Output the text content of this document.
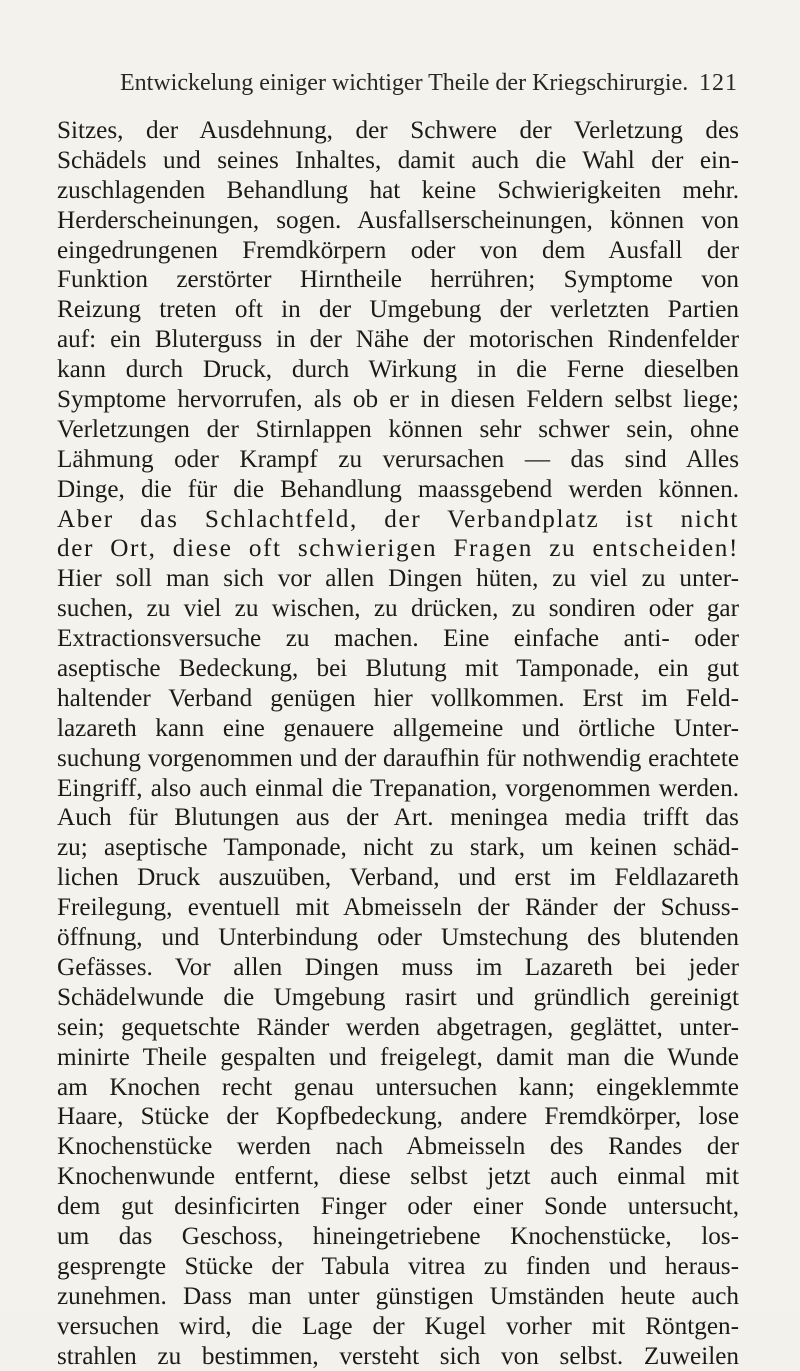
Entwickelung einiger wichtiger Theile der Kriegschirurgie. 121
Sitzes, der Ausdehnung, der Schwere der Verletzung des
Schädels und seines Inhaltes, damit auch die Wahl der ein-
zuschlagenden Behandlung hat keine Schwierigkeiten mehr.
Herderscheinungen, sogen. Ausfallserscheinungen, können von
eingedrungenen Fremdkörpern oder von dem Ausfall der
Funktion zerstörter Hirntheile herrühren; Symptome von
Reizung treten oft in der Umgebung der verletzten Partien
auf: ein Bluterguss in der Nähe der motorischen Rindenfelder
kann durch Druck, durch Wirkung in die Ferne dieselben
Symptome hervorrufen, als ob er in diesen Feldern selbst liege;
Verletzungen der Stirnlappen können sehr schwer sein, ohne
Lähmung oder Krampf zu verursachen — das sind Alles
Dinge, die für die Behandlung maassgebend werden können.
Aber das Schlachtfeld, der Verbandplatz ist nicht
der Ort, diese oft schwierigen Fragen zu entscheiden!
Hier soll man sich vor allen Dingen hüten, zu viel zu unter-
suchen, zu viel zu wischen, zu drücken, zu sondiren oder gar
Extractionsversuche zu machen. Eine einfache anti- oder
aseptische Bedeckung, bei Blutung mit Tamponade, ein gut
haltender Verband genügen hier vollkommen. Erst im Feld-
lazareth kann eine genauere allgemeine und örtliche Unter-
suchung vorgenommen und der daraufhin für nothwendig erachtete
Eingriff, also auch einmal die Trepanation, vorgenommen werden.
Auch für Blutungen aus der Art. meningea media trifft das
zu; aseptische Tamponade, nicht zu stark, um keinen schäd-
lichen Druck auszuüben, Verband, und erst im Feldlazareth
Freilegung, eventuell mit Abmeisseln der Ränder der Schuss-
öffnung, und Unterbindung oder Umstechung des blutenden
Gefässes. Vor allen Dingen muss im Lazareth bei jeder
Schädelwunde die Umgebung rasirt und gründlich gereinigt
sein; gequetschte Ränder werden abgetragen, geglättet, unter-
minirte Theile gespalten und freigelegt, damit man die Wunde
am Knochen recht genau untersuchen kann; eingeklemmte
Haare, Stücke der Kopfbedeckung, andere Fremdkörper, lose
Knochenstücke werden nach Abmeisseln des Randes der
Knochenwunde entfernt, diese selbst jetzt auch einmal mit
dem gut desinficirten Finger oder einer Sonde untersucht,
um das Geschoss, hineingetriebene Knochenstücke, los-
gesprengte Stücke der Tabula vitrea zu finden und heraus-
zunehmen. Dass man unter günstigen Umständen heute auch
versuchen wird, die Lage der Kugel vorher mit Röntgen-
strahlen zu bestimmen, versteht sich von selbst. Zuweilen
